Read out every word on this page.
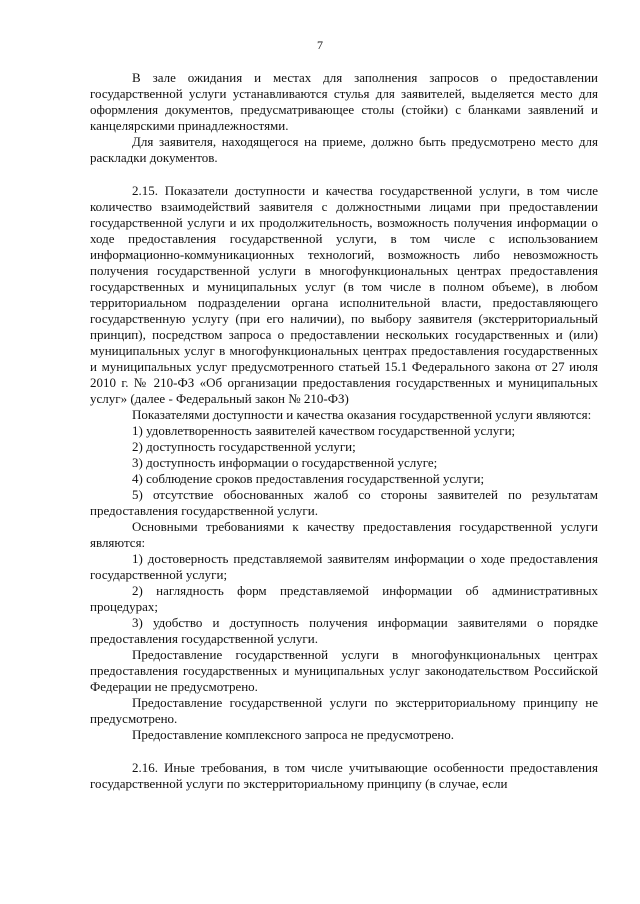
7

В зале ожидания и местах для заполнения запросов о предоставлении государственной услуги устанавливаются стулья для заявителей, выделяется место для оформления документов, предусматривающее столы (стойки) с бланками заявлений и канцелярскими принадлежностями.

Для заявителя, находящегося на приеме, должно быть предусмотрено место для раскладки документов.

2.15. Показатели доступности и качества государственной услуги, в том числе количество взаимодействий заявителя с должностными лицами при предоставлении государственной услуги и их продолжительность, возможность получения информации о ходе предоставления государственной услуги, в том числе с использованием информационно-коммуникационных технологий, возможность либо невозможность получения государственной услуги в многофункциональных центрах предоставления государственных и муниципальных услуг (в том числе в полном объеме), в любом территориальном подразделении органа исполнительной власти, предоставляющего государственную услугу (при его наличии), по выбору заявителя (экстерриториальный принцип), посредством запроса о предоставлении нескольких государственных и (или) муниципальных услуг в многофункциональных центрах предоставления государственных и муниципальных услуг предусмотренного статьей 15.1 Федерального закона от 27 июля 2010 г. № 210-ФЗ «Об организации предоставления государственных и муниципальных услуг» (далее - Федеральный закон № 210-ФЗ)

Показателями доступности и качества оказания государственной услуги являются:

1) удовлетворенность заявителей качеством государственной услуги;

2) доступность государственной услуги;

3) доступность информации о государственной услуге;

4) соблюдение сроков предоставления государственной услуги;

5) отсутствие обоснованных жалоб со стороны заявителей по результатам предоставления государственной услуги.

Основными требованиями к качеству предоставления государственной услуги являются:

1) достоверность представляемой заявителям информации о ходе предоставления государственной услуги;

2) наглядность форм представляемой информации об административных процедурах;

3) удобство и доступность получения информации заявителями о порядке предоставления государственной услуги.

Предоставление государственной услуги в многофункциональных центрах предоставления государственных и муниципальных услуг законодательством Российской Федерации не предусмотрено.

Предоставление государственной услуги по экстерриториальному принципу не предусмотрено.

Предоставление комплексного запроса не предусмотрено.

2.16. Иные требования, в том числе учитывающие особенности предоставления государственной услуги по экстерриториальному принципу (в случае, если
